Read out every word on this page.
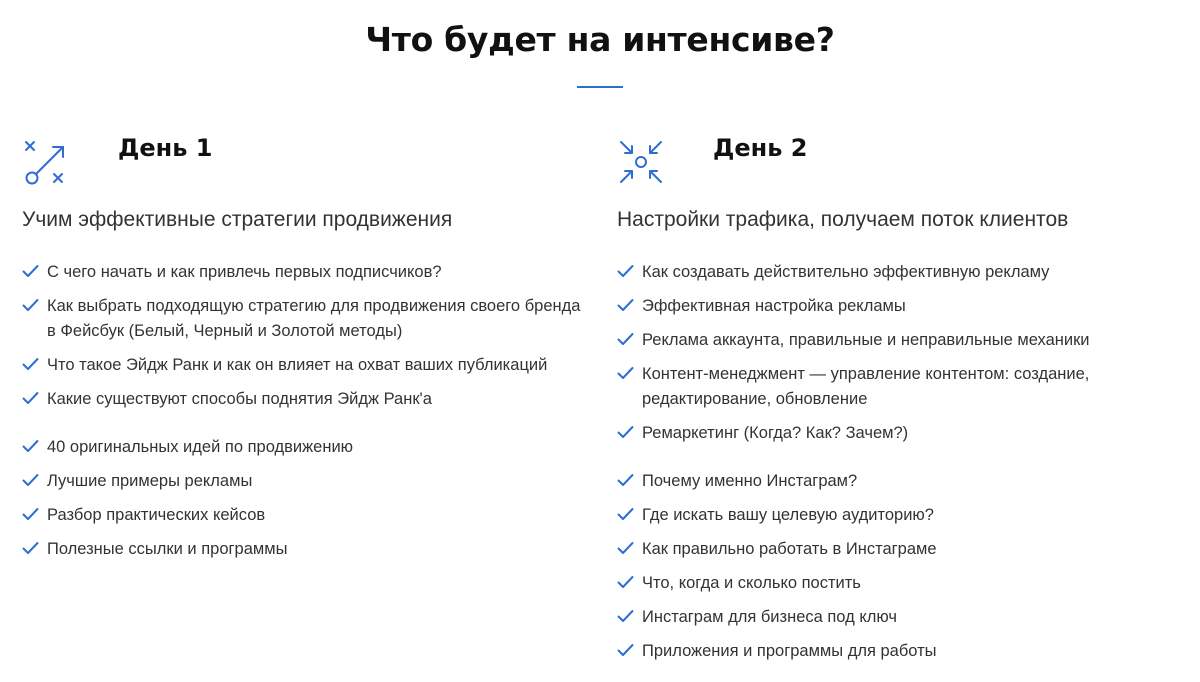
Что будет на интенсиве?
День 1
Учим эффективные стратегии продвижения
С чего начать и как привлечь первых подписчиков?
Как выбрать подходящую стратегию для продвижения своего бренда в Фейсбук (Белый, Черный и Золотой методы)
Что такое Эйдж Ранк и как он влияет на охват ваших публикаций
Какие существуют способы поднятия Эйдж Ранк'а
40 оригинальных идей по продвижению
Лучшие примеры рекламы
Разбор практических кейсов
Полезные ссылки и программы
День 2
Настройки трафика, получаем поток клиентов
Как создавать действительно эффективную рекламу
Эффективная настройка рекламы
Реклама аккаунта, правильные и неправильные механики
Контент-менеджмент — управление контентом: создание, редактирование, обновление
Ремаркетинг (Когда? Как? Зачем?)
Почему именно Инстаграм?
Где искать вашу целевую аудиторию?
Как правильно работать в Инстаграме
Что, когда и сколько постить
Инстаграм для бизнеса под ключ
Приложения и программы для работы
